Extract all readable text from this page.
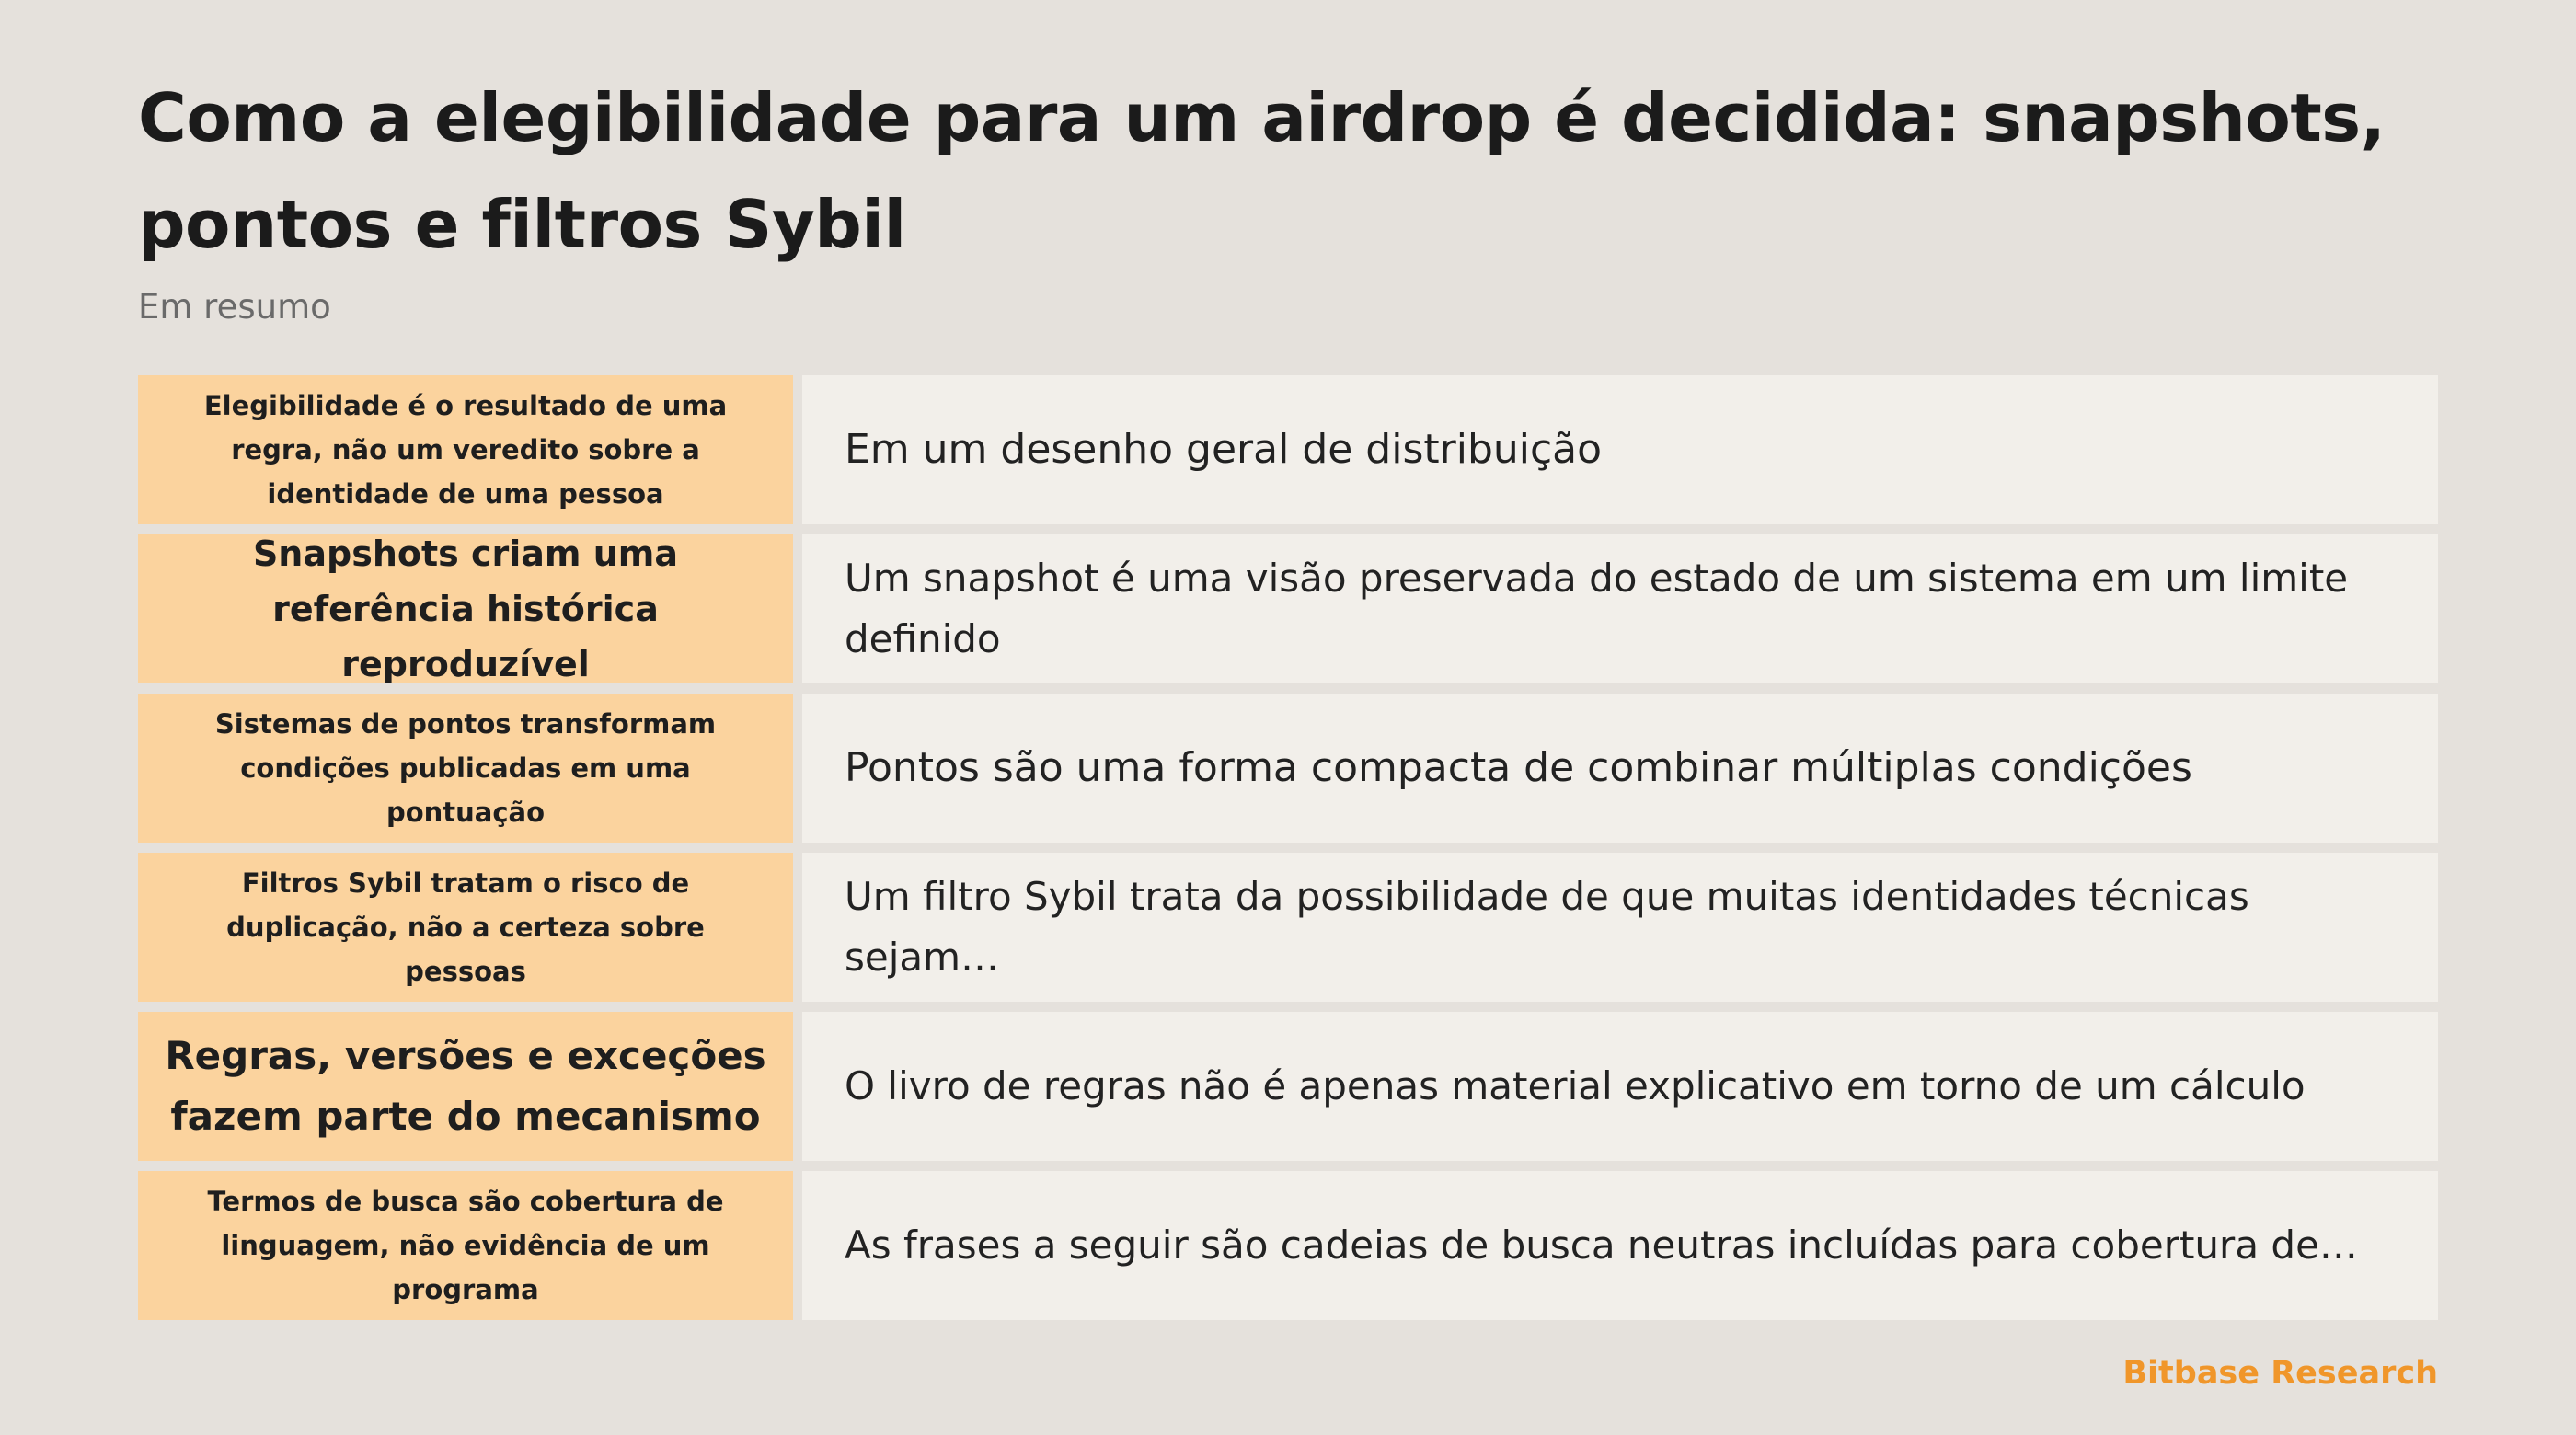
Como a elegibilidade para um airdrop é decidida: snapshots, pontos e filtros Sybil
Em resumo
Elegibilidade é o resultado de uma regra, não um veredito sobre a identidade de uma pessoa
Em um desenho geral de distribuição
Snapshots criam uma referência histórica reproduzível
Um snapshot é uma visão preservada do estado de um sistema em um limite definido
Sistemas de pontos transformam condições publicadas em uma pontuação
Pontos são uma forma compacta de combinar múltiplas condições
Filtros Sybil tratam o risco de duplicação, não a certeza sobre pessoas
Um filtro Sybil trata da possibilidade de que muitas identidades técnicas sejam…
Regras, versões e exceções fazem parte do mecanismo
O livro de regras não é apenas material explicativo em torno de um cálculo
Termos de busca são cobertura de linguagem, não evidência de um programa
As frases a seguir são cadeias de busca neutras incluídas para cobertura de…
Bitbase Research
